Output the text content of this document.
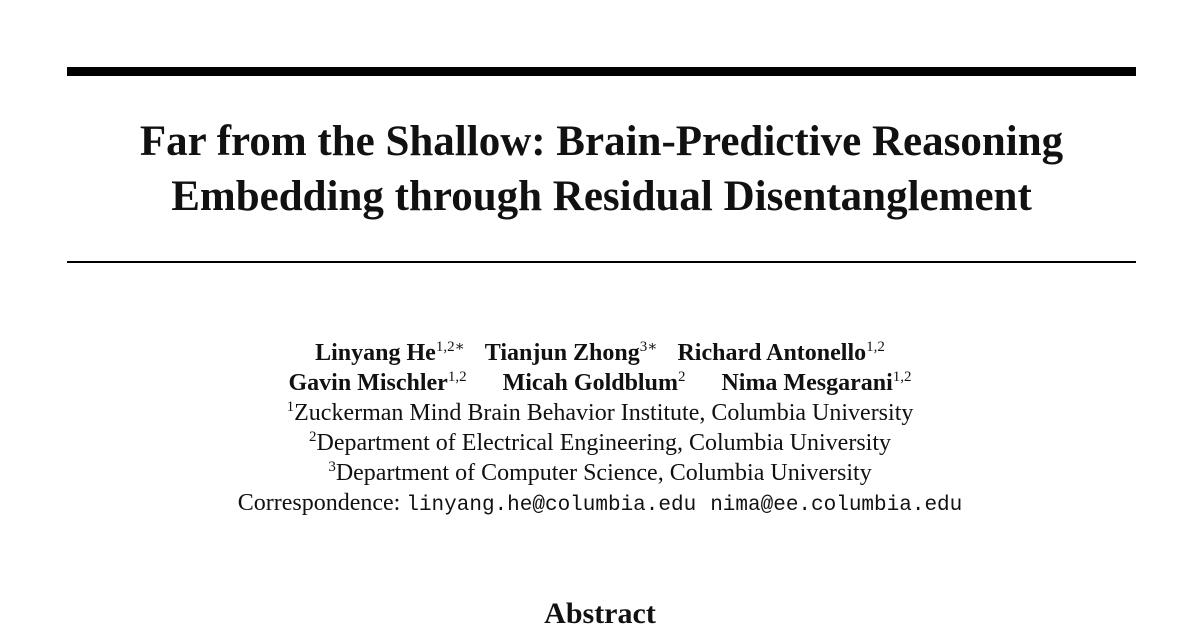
Far from the Shallow: Brain-Predictive Reasoning
Embedding through Residual Disentanglement
Linyang $He^{1,2∗}$ Tianjun Zhong$^{3∗}$ Richard Antonello$^{1,2}$
Gavin Mischler$^{1,2}$ Micah Goldblum$^2$ Nima Mesgarani$^{1,2}$
$^1$Zuckerman Mind Brain Behavior Institute, Columbia University
$^2$Department of Electrical Engineering, Columbia University
$^3$Department of Computer Science, Columbia University
Correspondence: linyang.he@columbia.edu nima@ee.columbia.edu
Abstract
